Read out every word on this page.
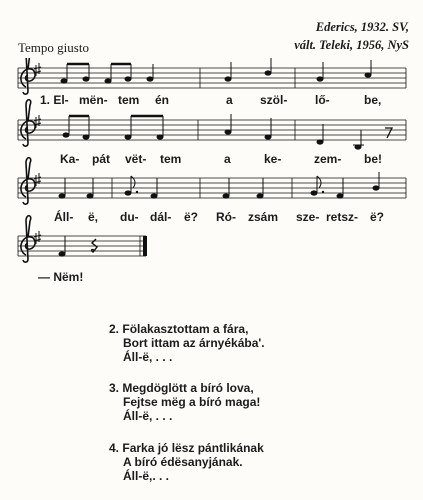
Ederics, 1932. SV,
vált. Teleki, 1956, NyS
Tempo giusto
1. El- mën- tem én	a szöl- lő-	be,
Ka- pát vët- tem	a	ke-	zem- be!
Áll- ë, du- dál- ë? Ró- zsám sze- retsz- ë?
— Nëm!
2. Fölakasztottam a fára,
Bort ittam az árnyékába'.
Áll-ë, . . .
3. Megdöglött a bíró lova,
Fejtse mëg a bíró maga!
Áll-ë, . . .
4. Farka jó lësz pántlikának
A bíró édësanyjának.
Áll-ë,. . .
